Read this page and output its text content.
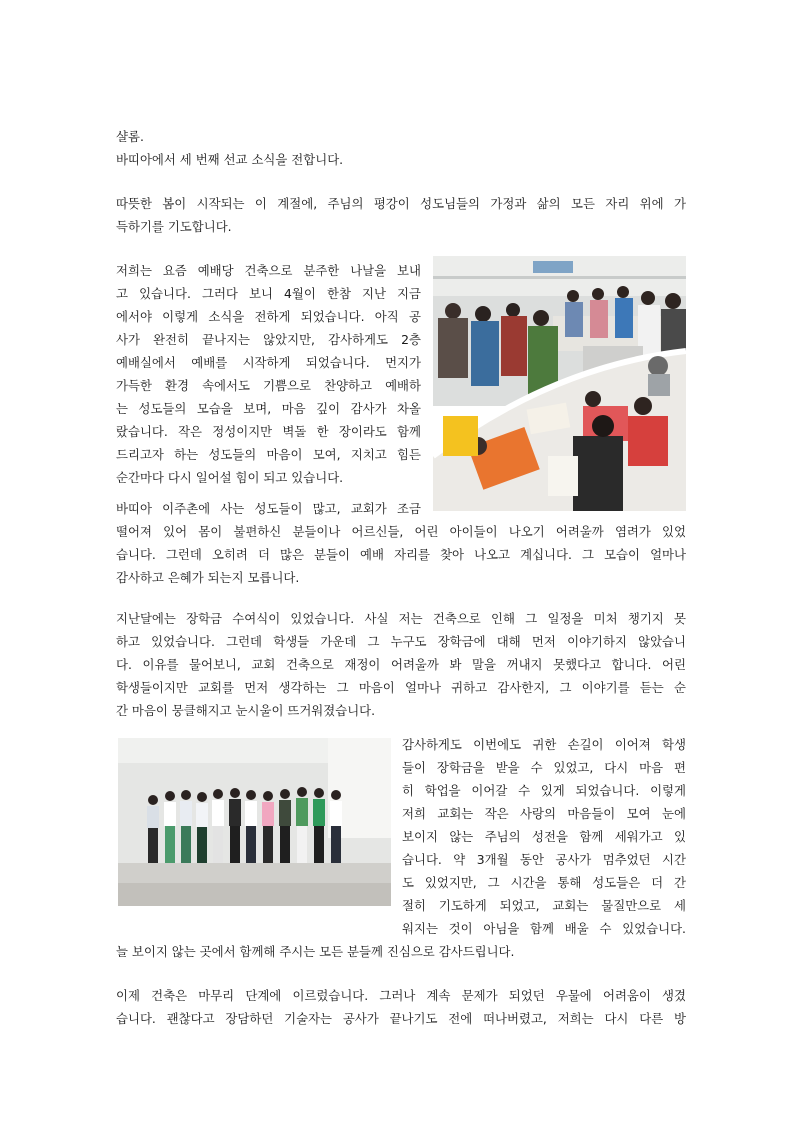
샬롬.
바띠아에서 세 번째 선교 소식을 전합니다.
따뜻한 봄이 시작되는 이 계절에, 주님의 평강이 성도님들의 가정과 삶의 모든 자리 위에 가
득하기를 기도합니다.
저희는 요즘 예배당 건축으로 분주한 나날을 보내
고 있습니다. 그러다 보니 4월이 한참 지난 지금
에서야 이렇게 소식을 전하게 되었습니다. 아직 공
사가 완전히 끝나지는 않았지만, 감사하게도 2층
예배실에서 예배를 시작하게 되었습니다. 먼지가
가득한 환경 속에서도 기쁨으로 찬양하고 예배하
는 성도들의 모습을 보며, 마음 깊이 감사가 차올
랐습니다. 작은 정성이지만 벽돌 한 장이라도 함께
드리고자 하는 성도들의 마음이 모여, 지치고 힘든
순간마다 다시 일어설 힘이 되고 있습니다.
바띠아 이주촌에 사는 성도들이 많고, 교회가 조금
떨어져 있어 몸이 불편하신 분들이나 어르신들, 어린 아이들이 나오기 어려울까 염려가 있었
습니다. 그런데 오히려 더 많은 분들이 예배 자리를 찾아 나오고 계십니다. 그 모습이 얼마나
감사하고 은혜가 되는지 모릅니다.
지난달에는 장학금 수여식이 있었습니다. 사실 저는 건축으로 인해 그 일정을 미처 챙기지 못
하고 있었습니다. 그런데 학생들 가운데 그 누구도 장학금에 대해 먼저 이야기하지 않았습니
다. 이유를 물어보니, 교회 건축으로 재정이 어려울까 봐 말을 꺼내지 못했다고 합니다. 어린
학생들이지만 교회를 먼저 생각하는 그 마음이 얼마나 귀하고 감사한지, 그 이야기를 듣는 순
간 마음이 뭉클해지고 눈시울이 뜨거워졌습니다.
감사하게도 이번에도 귀한 손길이 이어져 학생
들이 장학금을 받을 수 있었고, 다시 마음 편
히 학업을 이어갈 수 있게 되었습니다. 이렇게
저희 교회는 작은 사랑의 마음들이 모여 눈에
보이지 않는 주님의 성전을 함께 세워가고 있
습니다. 약 3개월 동안 공사가 멈추었던 시간
도 있었지만, 그 시간을 통해 성도들은 더 간
절히 기도하게 되었고, 교회는 물질만으로 세
워지는 것이 아님을 함께 배울 수 있었습니다.
늘 보이지 않는 곳에서 함께해 주시는 모든 분들께 진심으로 감사드립니다.
이제 건축은 마무리 단계에 이르렀습니다. 그러나 계속 문제가 되었던 우물에 어려움이 생겼
습니다. 괜찮다고 장담하던 기술자는 공사가 끝나기도 전에 떠나버렸고, 저희는 다시 다른 방
